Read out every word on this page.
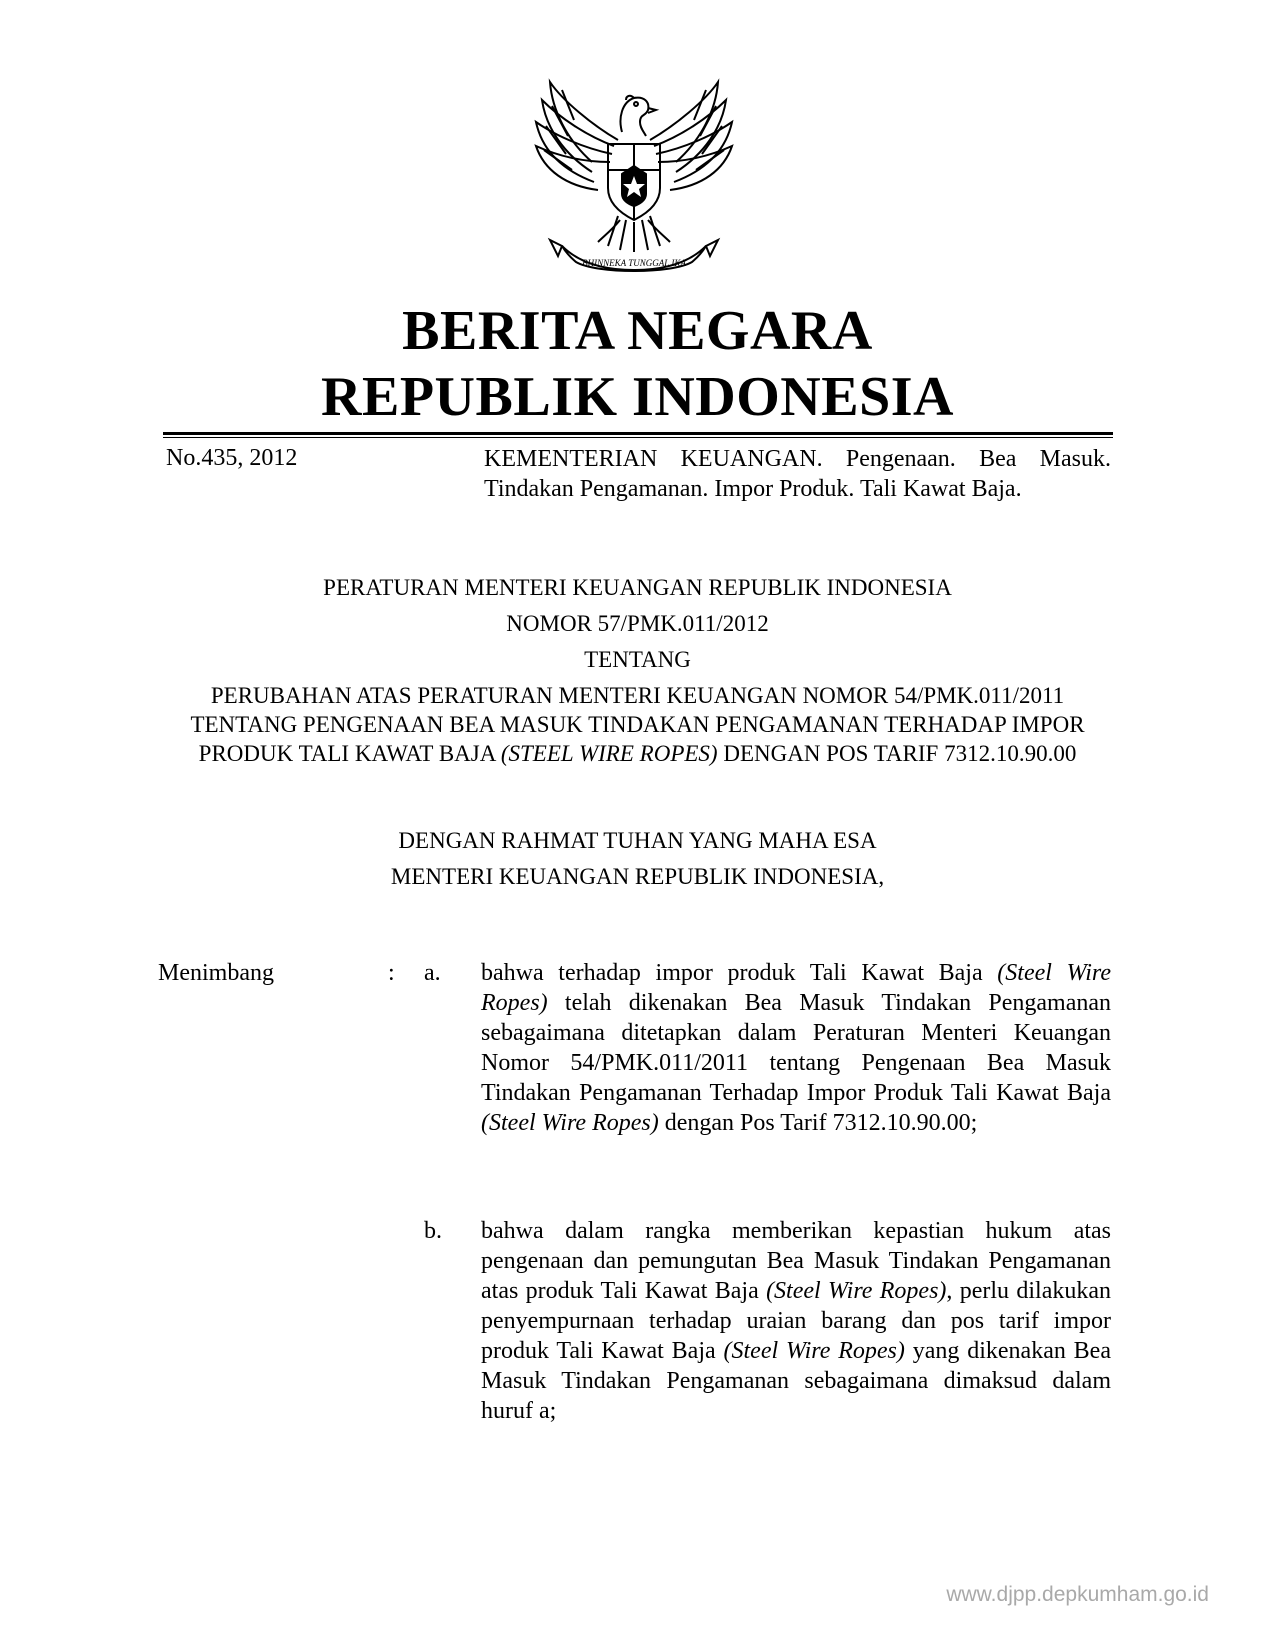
BHINNEKA TUNGGAL IKA
BERITA NEGARA
REPUBLIK INDONESIA
No.435, 2012	KEMENTERIAN KEUANGAN. Pengenaan. Bea Masuk. Tindakan Pengamanan. Impor Produk. Tali Kawat Baja.
PERATURAN MENTERI KEUANGAN REPUBLIK INDONESIA
NOMOR 57/PMK.011/2012
TENTANG
PERUBAHAN ATAS PERATURAN MENTERI KEUANGAN NOMOR 54/PMK.011/2011 TENTANG PENGENAAN BEA MASUK TINDAKAN PENGAMANAN TERHADAP IMPOR PRODUK TALI KAWAT BAJA (STEEL WIRE ROPES) DENGAN POS TARIF 7312.10.90.00
DENGAN RAHMAT TUHAN YANG MAHA ESA
MENTERI KEUANGAN REPUBLIK INDONESIA,
Menimbang	: a. bahwa terhadap impor produk Tali Kawat Baja (Steel Wire Ropes) telah dikenakan Bea Masuk Tindakan Pengamanan sebagaimana ditetapkan dalam Peraturan Menteri Keuangan Nomor 54/PMK.011/2011 tentang Pengenaan Bea Masuk Tindakan Pengamanan Terhadap Impor Produk Tali Kawat Baja (Steel Wire Ropes) dengan Pos Tarif 7312.10.90.00;
b. bahwa dalam rangka memberikan kepastian hukum atas pengenaan dan pemungutan Bea Masuk Tindakan Pengamanan atas produk Tali Kawat Baja (Steel Wire Ropes), perlu dilakukan penyempurnaan terhadap uraian barang dan pos tarif impor produk Tali Kawat Baja (Steel Wire Ropes) yang dikenakan Bea Masuk Tindakan Pengamanan sebagaimana dimaksud dalam huruf a;
www.djpp.depkumham.go.id
